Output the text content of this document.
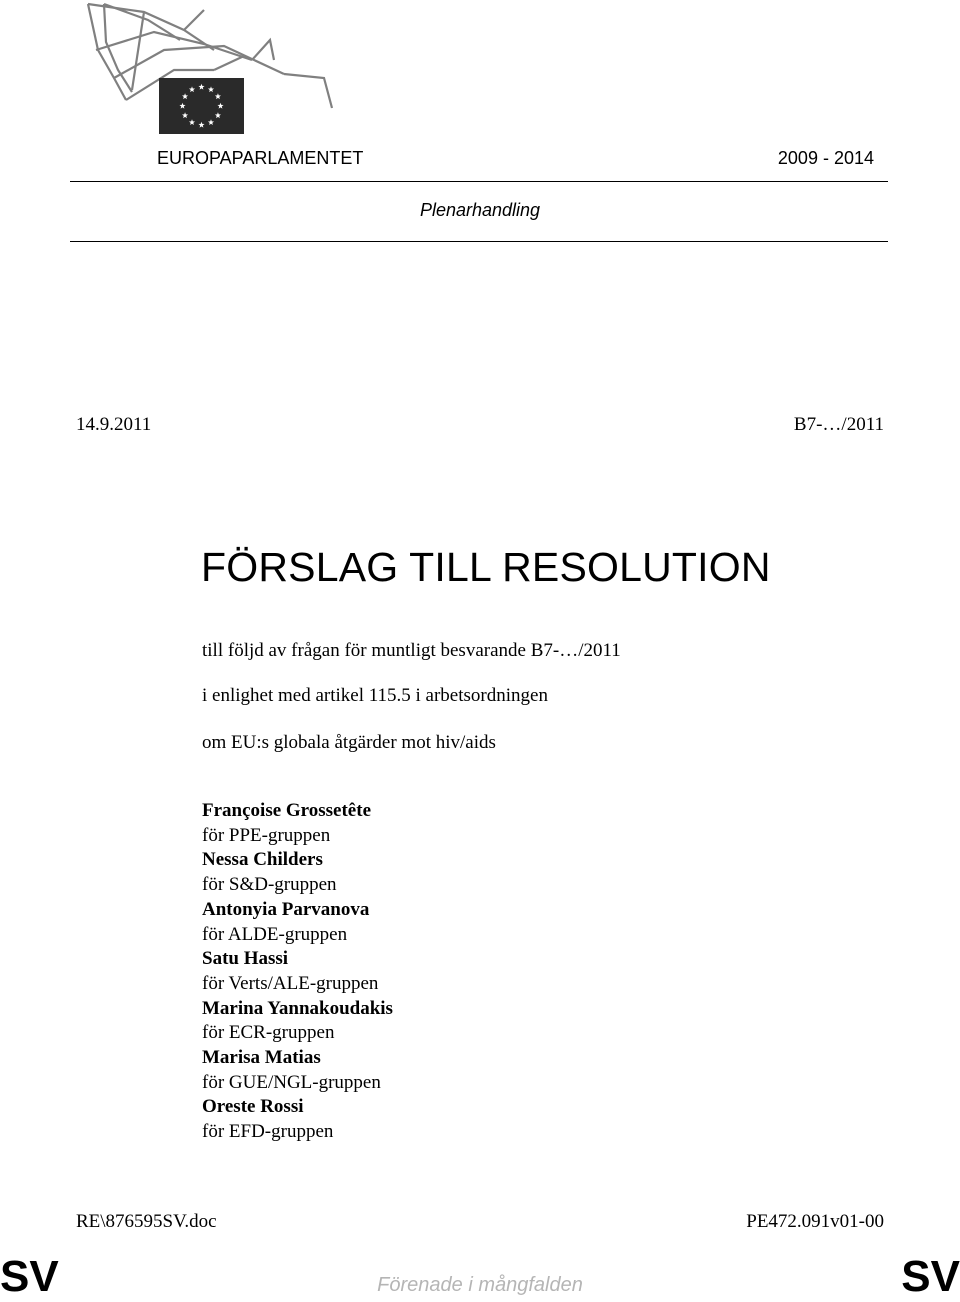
EUROPAPARLAMENTET	2009 - 2014
Plenarhandling
14.9.2011	B7-…/2011
FÖRSLAG TILL RESOLUTION
till följd av frågan för muntligt besvarande B7-…/2011
i enlighet med artikel 115.5 i arbetsordningen
om EU:s globala åtgärder mot hiv/aids
Françoise Grossetête
för PPE-gruppen
Nessa Childers
för S&D-gruppen
Antonyia Parvanova
för ALDE-gruppen
Satu Hassi
för Verts/ALE-gruppen
Marina Yannakoudakis
för ECR-gruppen
Marisa Matias
för GUE/NGL-gruppen
Oreste Rossi
för EFD-gruppen
RE\876595SV.doc	PE472.091v01-00
SV	Förenade i mångfalden	SV
